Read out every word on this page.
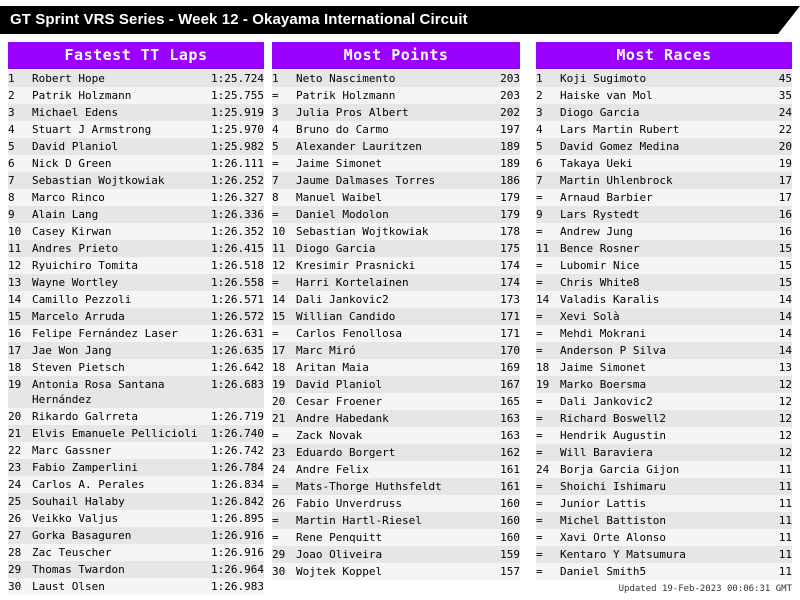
GT Sprint VRS Series - Week 12 - Okayama International Circuit
Fastest TT Laps
1	Robert Hope	1:25.724
2	Patrik Holzmann	1:25.755
3	Michael Edens	1:25.919
4	Stuart J Armstrong	1:25.970
5	David Planiol	1:25.982
6	Nick D Green	1:26.111
7	Sebastian Wojtkowiak	1:26.252
8	Marco Rinco	1:26.327
9	Alain Lang	1:26.336
10	Casey Kirwan	1:26.352
11	Andres Prieto	1:26.415
12	Ryuichiro Tomita	1:26.518
13	Wayne Wortley	1:26.558
14	Camillo Pezzoli	1:26.571
15	Marcelo Arruda	1:26.572
16	Felipe Fernández Laser	1:26.631
17	Jae Won Jang	1:26.635
18	Steven Pietsch	1:26.642
19	Antonia Rosa Santana Hernández	1:26.683
20	Rikardo Galrreta	1:26.719
21	Elvis Emanuele Pellicioli	1:26.740
22	Marc Gassner	1:26.742
23	Fabio Zamperlini	1:26.784
24	Carlos A. Perales	1:26.834
25	Souhail Halaby	1:26.842
26	Veikko Valjus	1:26.895
27	Gorka Basaguren	1:26.916
28	Zac Teuscher	1:26.916
29	Thomas Twardon	1:26.964
30	Laust Olsen	1:26.983
Most Points
1	Neto Nascimento	203
=	Patrik Holzmann	203
3	Julia Pros Albert	202
4	Bruno do Carmo	197
5	Alexander Lauritzen	189
=	Jaime Simonet	189
7	Jaume Dalmases Torres	186
8	Manuel Waibel	179
=	Daniel Modolon	179
10	Sebastian Wojtkowiak	178
11	Diogo Garcia	175
12	Kresimir Prasnicki	174
=	Harri Kortelainen	174
14	Dali Jankovic2	173
15	Willian Candido	171
=	Carlos Fenollosa	171
17	Marc Miró	170
18	Aritan Maia	169
19	David Planiol	167
20	Cesar Froener	165
21	Andre Habedank	163
=	Zack Novak	163
23	Eduardo Borgert	162
24	Andre Felix	161
=	Mats-Thorge Huthsfeldt	161
26	Fabio Unverdruss	160
=	Martin Hartl-Riesel	160
=	Rene Penquitt	160
29	Joao Oliveira	159
30	Wojtek Koppel	157
Most Races
1	Koji Sugimoto	45
2	Haiske van Mol	35
3	Diogo Garcia	24
4	Lars Martin Rubert	22
5	David Gomez Medina	20
6	Takaya Ueki	19
7	Martin Uhlenbrock	17
=	Arnaud Barbier	17
9	Lars Rystedt	16
=	Andrew Jung	16
11	Bence Rosner	15
=	Lubomir Nice	15
=	Chris White8	15
14	Valadis Karalis	14
=	Xevi Solà	14
=	Mehdi Mokrani	14
=	Anderson P Silva	14
18	Jaime Simonet	13
19	Marko Boersma	12
=	Dali Jankovic2	12
=	Richard Boswell2	12
=	Hendrik Augustin	12
=	Will Baraviera	12
24	Borja Garcia Gijon	11
=	Shoichi Ishimaru	11
=	Junior Lattis	11
=	Michel Battiston	11
=	Xavi Orte Alonso	11
=	Kentaro Y Matsumura	11
=	Daniel Smith5	11
Updated 19-Feb-2023 00:06:31 GMT
